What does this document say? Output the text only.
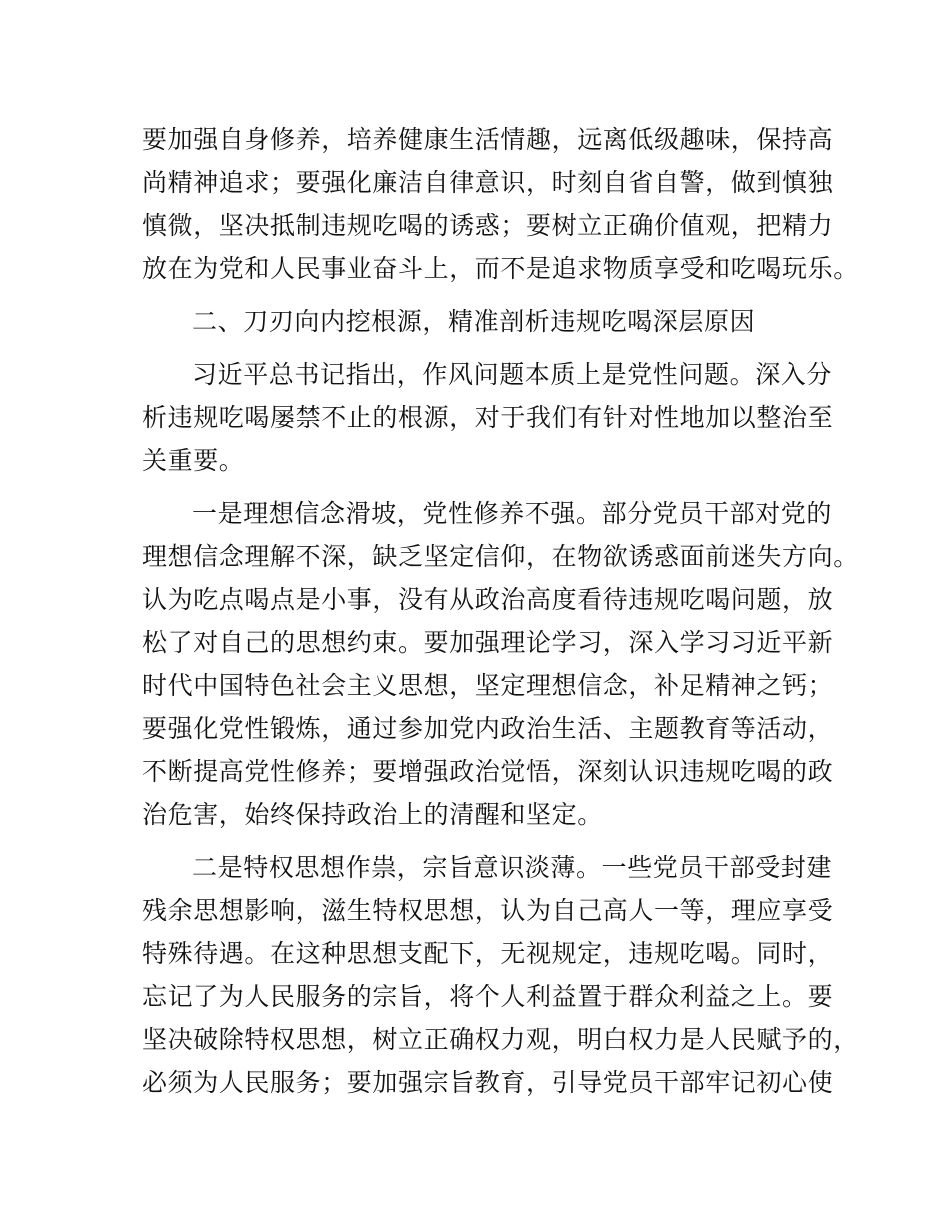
要加强自身修养，培养健康生活情趣，远离低级趣味，保持高
尚精神追求；要强化廉洁自律意识，时刻自省自警，做到慎独
慎微，坚决抵制违规吃喝的诱惑；要树立正确价值观，把精力
放在为党和人民事业奋斗上，而不是追求物质享受和吃喝玩乐。
二、刀刃向内挖根源，精准剖析违规吃喝深层原因
习近平总书记指出，作风问题本质上是党性问题。深入分
析违规吃喝屡禁不止的根源，对于我们有针对性地加以整治至
关重要。
一是理想信念滑坡，党性修养不强。部分党员干部对党的
理想信念理解不深，缺乏坚定信仰，在物欲诱惑面前迷失方向。
认为吃点喝点是小事，没有从政治高度看待违规吃喝问题，放
松了对自己的思想约束。要加强理论学习，深入学习习近平新
时代中国特色社会主义思想，坚定理想信念，补足精神之钙；
要强化党性锻炼，通过参加党内政治生活、主题教育等活动，
不断提高党性修养；要增强政治觉悟，深刻认识违规吃喝的政
治危害，始终保持政治上的清醒和坚定。
二是特权思想作祟，宗旨意识淡薄。一些党员干部受封建
残余思想影响，滋生特权思想，认为自己高人一等，理应享受
特殊待遇。在这种思想支配下，无视规定，违规吃喝。同时，
忘记了为人民服务的宗旨，将个人利益置于群众利益之上。要
坚决破除特权思想，树立正确权力观，明白权力是人民赋予的，
必须为人民服务；要加强宗旨教育，引导党员干部牢记初心使
